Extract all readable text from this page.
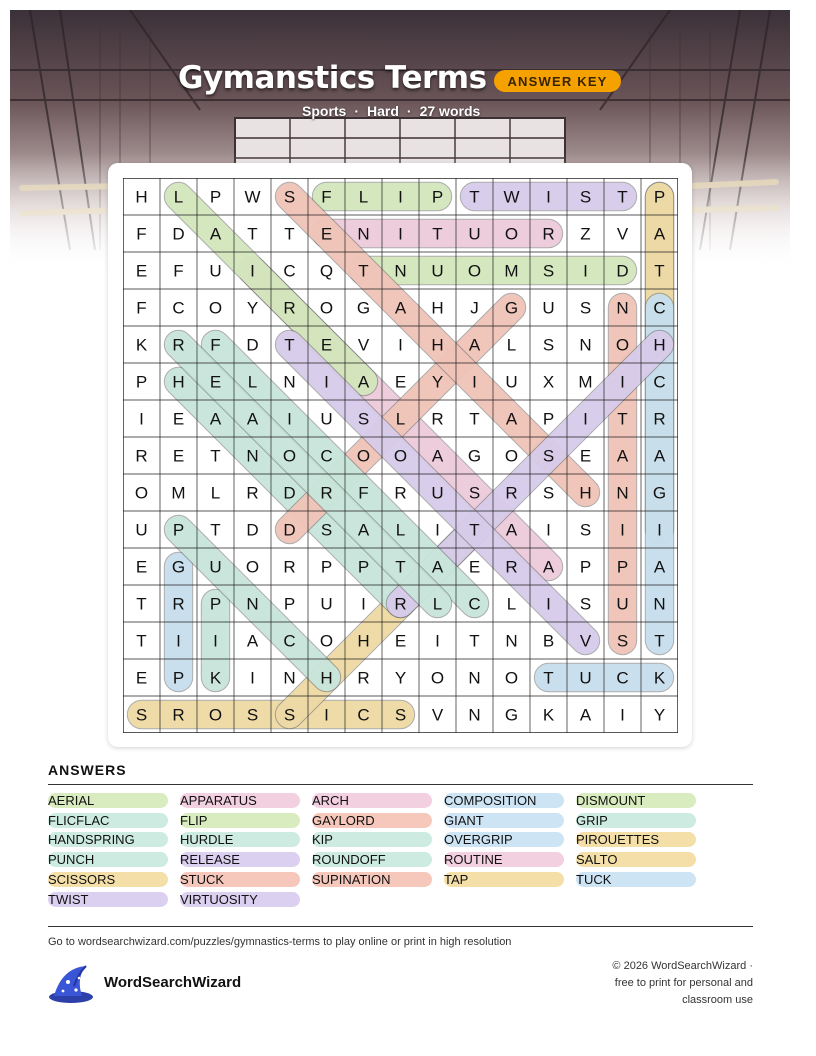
Gymanstics Terms	ANSWER KEY
Sports · Hard · 27 words
H L P W S F L I P T W I S T P
F D A T T E N I T U O R Z V A
E F U I C Q T N U O M S I D T
F C O Y R O G A H J G U S N C
K R F D T E V I H A L S N O H
P H E L N I A E Y I U X M I C
I E A A I U S L R T A P I T R
R E T N O C O O A G O S E A A
O M L R D R F R U S R S H N G
U P T D D S A L I T A I S I I
E G U O R P P T A E R A P P A
T R P N P U I R L C L I S U N
T I I A C O H E I T N B V S T
E P K I N H R Y O N O T U C K
S R O S S I C S V N G K A I Y
ANSWERS
AERIAL	APPARATUS	ARCH	COMPOSITION	DISMOUNT
FLICFLAC	FLIP	GAYLORD	GIANT	GRIP
HANDSPRING	HURDLE	KIP	OVERGRIP	PIROUETTES
PUNCH	RELEASE	ROUNDOFF	ROUTINE	SALTO
SCISSORS	STUCK	SUPINATION	TAP	TUCK
TWIST	VIRTUOSITY
Go to wordsearchwizard.com/puzzles/gymnastics-terms to play online or print in high resolution
WordSearchWizard
© 2026 WordSearchWizard ·
free to print for personal and
classroom use
